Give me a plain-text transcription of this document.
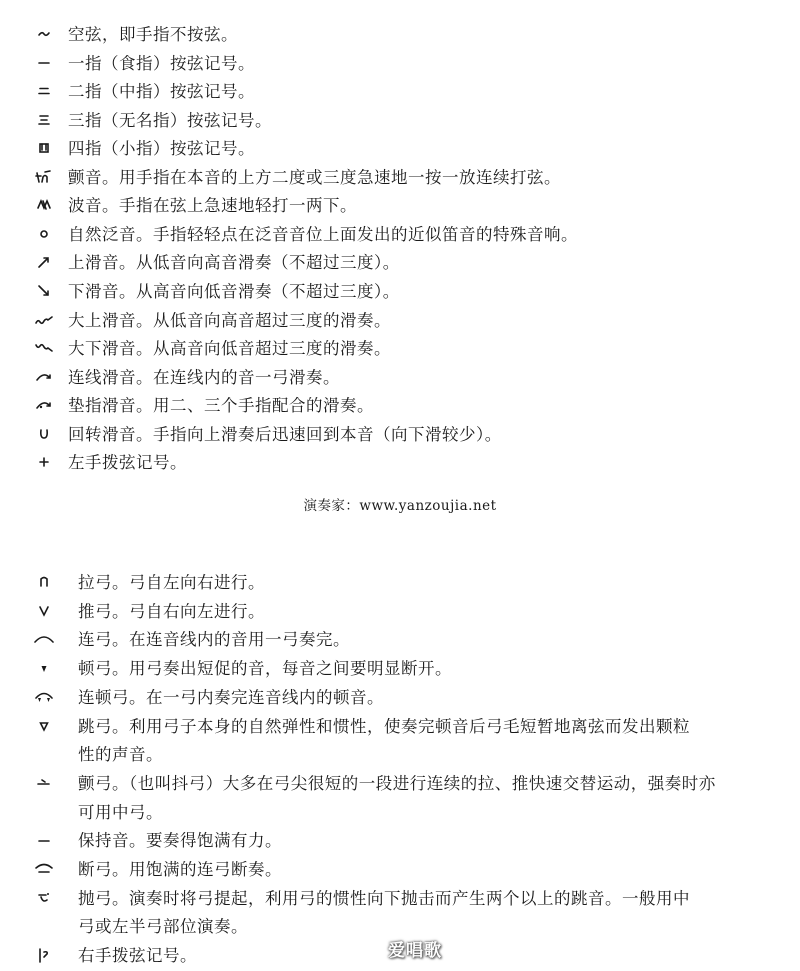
空弦，即手指不按弦。
一指（食指）按弦记号。
二指（中指）按弦记号。
三指（无名指）按弦记号。
四指（小指）按弦记号。
颤音。用手指在本音的上方二度或三度急速地一按一放连续打弦。
波音。手指在弦上急速地轻打一两下。
自然泛音。手指轻轻点在泛音音位上面发出的近似笛音的特殊音响。
上滑音。从低音向高音滑奏（不超过三度）。
下滑音。从高音向低音滑奏（不超过三度）。
大上滑音。从低音向高音超过三度的滑奏。
大下滑音。从高音向低音超过三度的滑奏。
连线滑音。在连线内的音一弓滑奏。
垫指滑音。用二、三个手指配合的滑奏。
回转滑音。手指向上滑奏后迅速回到本音（向下滑较少）。
左手拨弦记号。
演奏家：www.yanzoujia.net
拉弓。弓自左向右进行。
推弓。弓自右向左进行。
连弓。在连音线内的音用一弓奏完。
顿弓。用弓奏出短促的音，每音之间要明显断开。
连顿弓。在一弓内奏完连音线内的顿音。
跳弓。利用弓子本身的自然弹性和惯性，使奏完顿音后弓毛短暂地离弦而发出颗粒
性的声音。
颤弓。（也叫抖弓）大多在弓尖很短的一段进行连续的拉、推快速交替运动，强奏时亦
可用中弓。
保持音。要奏得饱满有力。
断弓。用饱满的连弓断奏。
抛弓。演奏时将弓提起，利用弓的惯性向下抛击而产生两个以上的跳音。一般用中
弓或左半弓部位演奏。
右手拨弦记号。	爱唱歌
